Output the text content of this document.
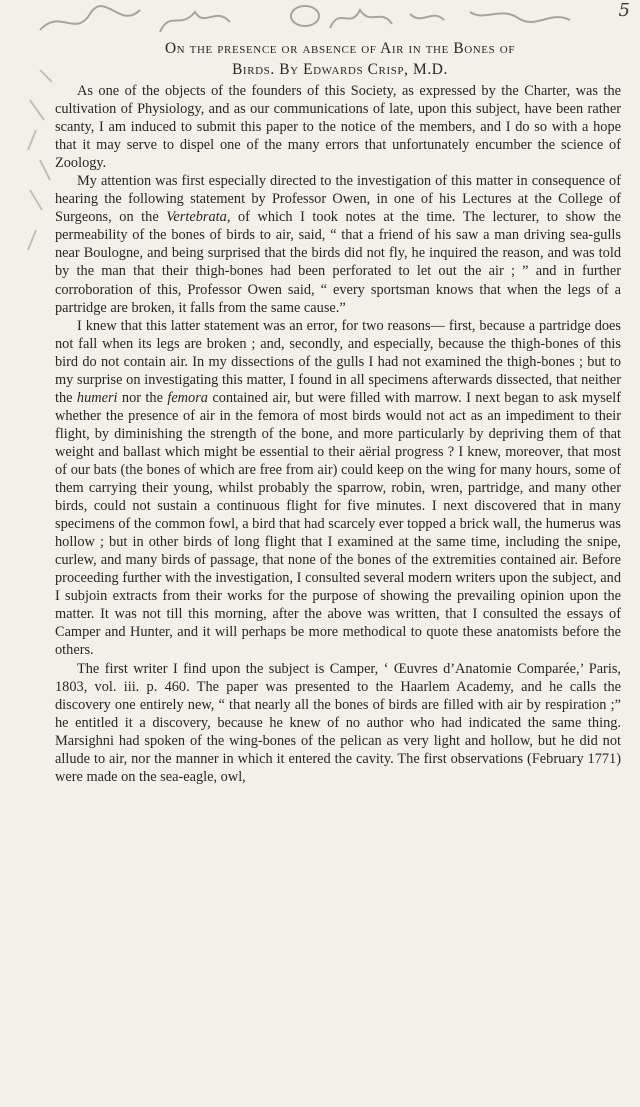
5
On the presence or absence of Air in the Bones of
Birds. By Edwards Crisp, M.D.

As one of the objects of the founders of this Society, as expressed by the Charter, was the cultivation of Physiology, and as our communications of late, upon this subject, have been rather scanty, I am induced to submit this paper to the notice of the members, and I do so with a hope that it may serve to dispel one of the many errors that unfortunately encumber the science of Zoology.

My attention was first especially directed to the investigation of this matter in consequence of hearing the following statement by Professor Owen, in one of his Lectures at the College of Surgeons, on the Vertebrata, of which I took notes at the time. The lecturer, to show the permeability of the bones of birds to air, said, “ that a friend of his saw a man driving sea-gulls near Boulogne, and being surprised that the birds did not fly, he inquired the reason, and was told by the man that their thigh-bones had been perforated to let out the air ; ” and in further corroboration of this, Professor Owen said, “ every sportsman knows that when the legs of a partridge are broken, it falls from the same cause.”

I knew that this latter statement was an error, for two reasons— first, because a partridge does not fall when its legs are broken ; and, secondly, and especially, because the thigh-bones of this bird do not contain air. In my dissections of the gulls I had not examined the thigh-bones ; but to my surprise on investigating this matter, I found in all specimens afterwards dissected, that neither the humeri nor the femora contained air, but were filled with marrow. I next began to ask myself whether the presence of air in the femora of most birds would not act as an impediment to their flight, by diminishing the strength of the bone, and more particularly by depriving them of that weight and ballast which might be essential to their aërial progress ? I knew, moreover, that most of our bats (the bones of which are free from air) could keep on the wing for many hours, some of them carrying their young, whilst probably the sparrow, robin, wren, partridge, and many other birds, could not sustain a continuous flight for five minutes. I next discovered that in many specimens of the common fowl, a bird that had scarcely ever topped a brick wall, the humerus was hollow ; but in other birds of long flight that I examined at the same time, including the snipe, curlew, and many birds of passage, that none of the bones of the extremities contained air. Before proceeding further with the investigation, I consulted several modern writers upon the subject, and I subjoin extracts from their works for the purpose of showing the prevailing opinion upon the matter. It was not till this morning, after the above was written, that I consulted the essays of Camper and Hunter, and it will perhaps be more methodical to quote these anatomists before the others.

The first writer I find upon the subject is Camper, ‘ Œuvres d’Anatomie Comparée,’ Paris, 1803, vol. iii. p. 460. The paper was presented to the Haarlem Academy, and he calls the discovery one entirely new, “ that nearly all the bones of birds are filled with air by respiration ;” he entitled it a discovery, because he knew of no author who had indicated the same thing. Marsighni had spoken of the wing-bones of the pelican as very light and hollow, but he did not allude to air, nor the manner in which it entered the cavity. The first observations (February 1771) were made on the sea-eagle, owl,
